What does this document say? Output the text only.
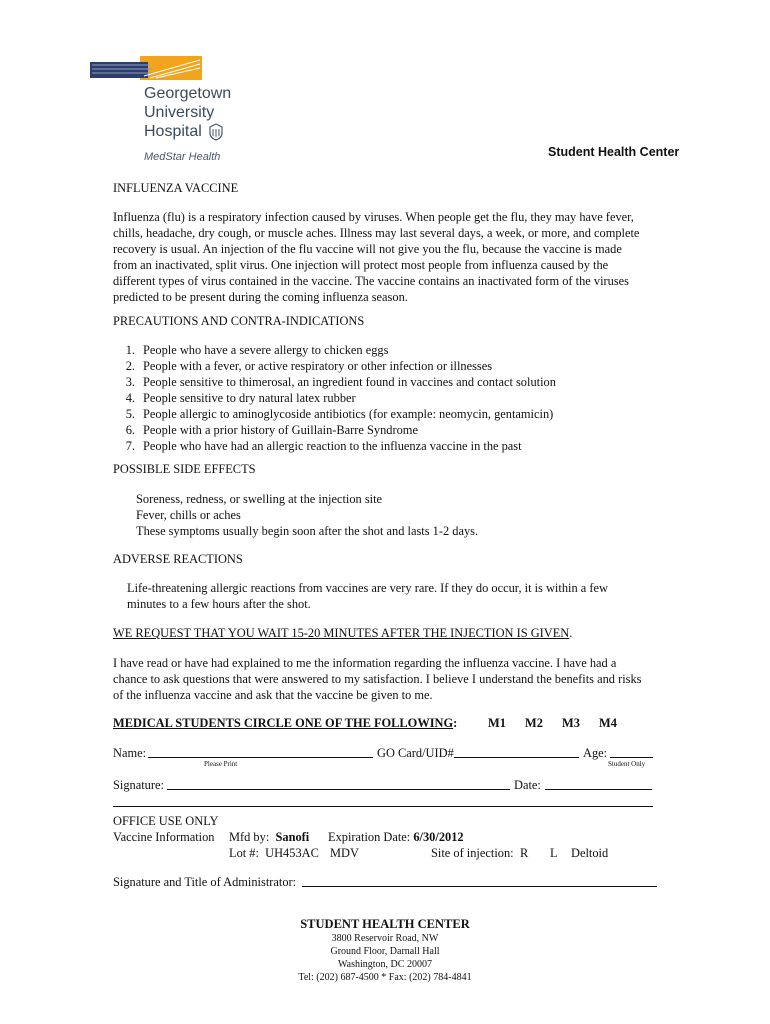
Georgetown
University
Hospital
MedStar Health	Student Health Center
INFLUENZA VACCINE
Influenza (flu) is a respiratory infection caused by viruses. When people get the flu, they may have fever,
chills, headache, dry cough, or muscle aches. Illness may last several days, a week, or more, and complete
recovery is usual. An injection of the flu vaccine will not give you the flu, because the vaccine is made
from an inactivated, split virus. One injection will protect most people from influenza caused by the
different types of virus contained in the vaccine. The vaccine contains an inactivated form of the viruses
predicted to be present during the coming influenza season.
PRECAUTIONS AND CONTRA-INDICATIONS
1. People who have a severe allergy to chicken eggs
2. People with a fever, or active respiratory or other infection or illnesses
3. People sensitive to thimerosal, an ingredient found in vaccines and contact solution
4. People sensitive to dry natural latex rubber
5. People allergic to aminoglycoside antibiotics (for example: neomycin, gentamicin)
6. People with a prior history of Guillain-Barre Syndrome
7. People who have had an allergic reaction to the influenza vaccine in the past
POSSIBLE SIDE EFFECTS
Soreness, redness, or swelling at the injection site
Fever, chills or aches
These symptoms usually begin soon after the shot and lasts 1-2 days.
ADVERSE REACTIONS
Life-threatening allergic reactions from vaccines are very rare. If they do occur, it is within a few
minutes to a few hours after the shot.
WE REQUEST THAT YOU WAIT 15-20 MINUTES AFTER THE INJECTION IS GIVEN.
I have read or have had explained to me the information regarding the influenza vaccine. I have had a
chance to ask questions that were answered to my satisfaction. I believe I understand the benefits and risks
of the influenza vaccine and ask that the vaccine be given to me.
MEDICAL STUDENTS CIRCLE ONE OF THE FOLLOWING: M1 M2 M3 M4
Name:
Please Print
GO Card/UID#	Age:
Student Only
Signature:	Date:
OFFICE USE ONLY
Vaccine Information Mfd by: Sanofi Expiration Date: 6/30/2012
Lot #: UH453AC MDV	Site of injection: R L Deltoid
Signature and Title of Administrator:
STUDENT HEALTH CENTER
3800 Reservoir Road, NW
Ground Floor, Darnall Hall
Washington, DC 20007
Tel: (202) 687-4500 * Fax: (202) 784-4841
